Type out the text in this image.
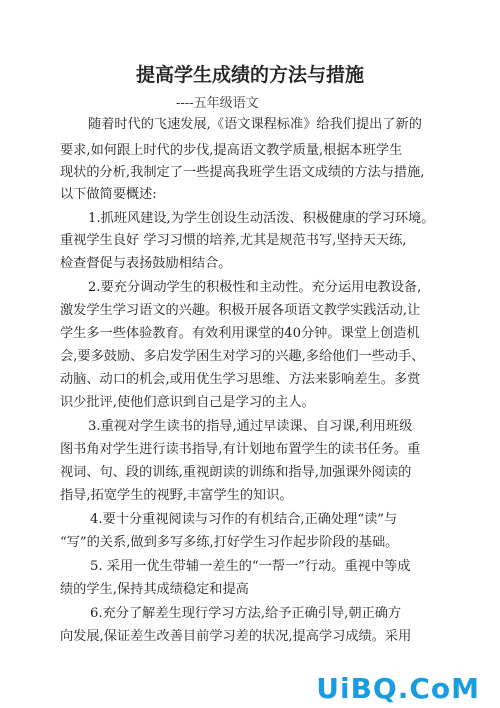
提高学生成绩的方法与措施
----五年级语文
随着时代的飞速发展,《语文课程标准》给我们提出了新的
要求,如何跟上时代的步伐,提高语文教学质量,根据本班学生
现状的分析,我制定了一些提高我班学生语文成绩的方法与措施,
以下做简要概述:
1.抓班风建设,为学生创设生动活泼、积极健康的学习环境。
重视学生良好 学习习惯的培养,尤其是规范书写,坚持天天练,
检查督促与表扬鼓励相结合。
2.要充分调动学生的积极性和主动性。充分运用电教设备,
激发学生学习语文的兴趣。积极开展各项语文教学实践活动,让
学生多一些体验教育。有效利用课堂的40分钟。课堂上创造机
会,要多鼓励、多启发学困生对学习的兴趣,多给他们一些动手、
动脑、动口的机会,或用优生学习思维、方法来影响差生。多赏
识少批评,使他们意识到自己是学习的主人。
3.重视对学生读书的指导,通过早读课、自习课,利用班级
图书角对学生进行读书指导,有计划地布置学生的读书任务。重
视词、句、段的训练,重视朗读的训练和指导,加强课外阅读的
指导,拓宽学生的视野,丰富学生的知识。
4.要十分重视阅读与习作的有机结合,正确处理“读”与
“写”的关系,做到多写多练,打好学生习作起步阶段的基础。
5. 采用一优生带辅一差生的“一帮一”行动。重视中等成
绩的学生,保持其成绩稳定和提高
6.充分了解差生现行学习方法,给予正确引导,朝正确方
向发展,保证差生改善目前学习差的状况,提高学习成绩。采用
UiBQ.CoM
